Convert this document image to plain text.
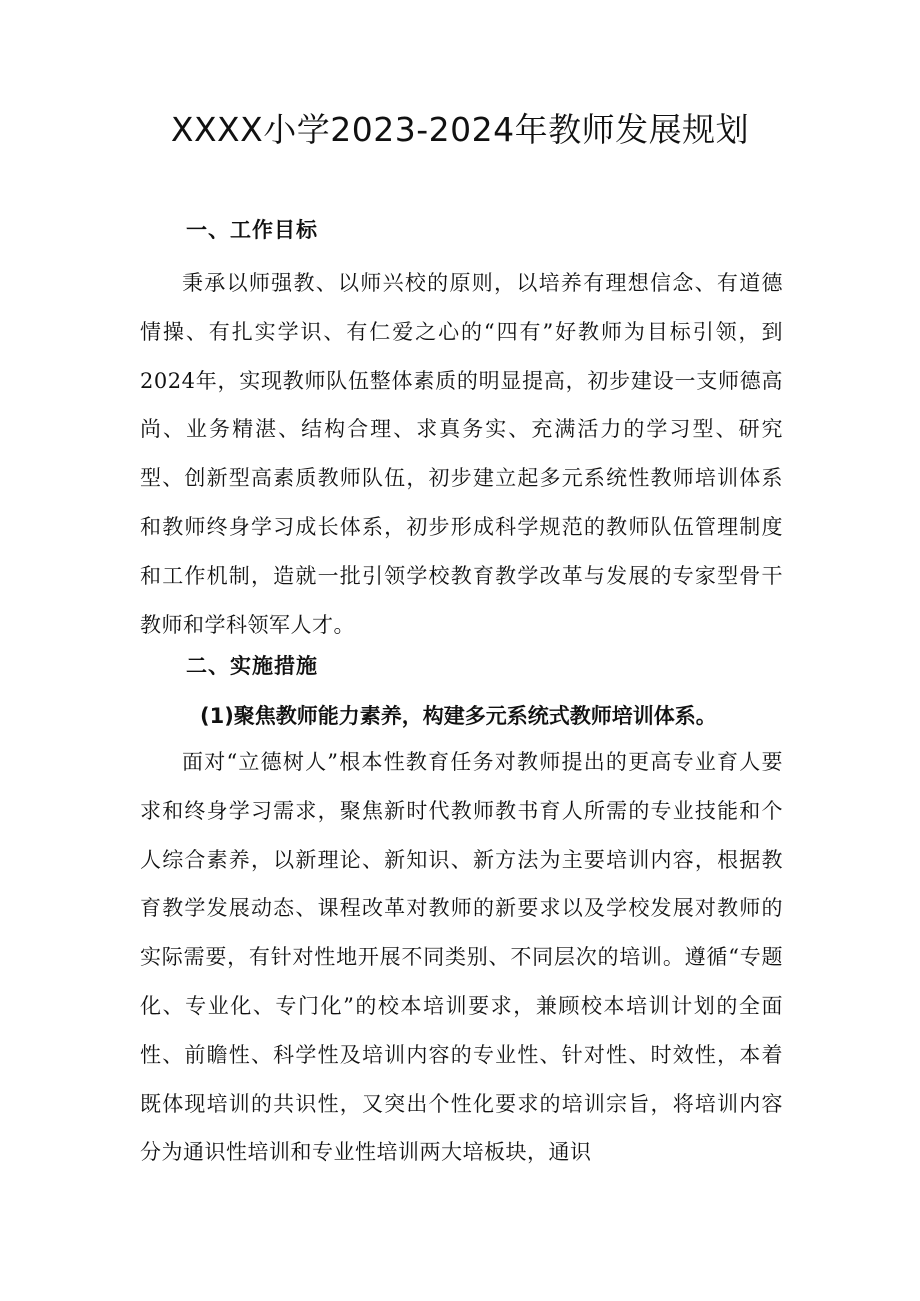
XXXX小学2023-2024年教师发展规划
一、工作目标
秉承以师强教、以师兴校的原则，以培养有理想信念、有道德情操、有扎实学识、有仁爱之心的“四有”好教师为目标引领，到2024年，实现教师队伍整体素质的明显提高，初步建设一支师德高尚、业务精湛、结构合理、求真务实、充满活力的学习型、研究型、创新型高素质教师队伍，初步建立起多元系统性教师培训体系和教师终身学习成长体系，初步形成科学规范的教师队伍管理制度和工作机制，造就一批引领学校教育教学改革与发展的专家型骨干教师和学科领军人才。
二、实施措施
(1)聚焦教师能力素养，构建多元系统式教师培训体系。
面对“立德树人”根本性教育任务对教师提出的更高专业育人要求和终身学习需求，聚焦新时代教师教书育人所需的专业技能和个人综合素养，以新理论、新知识、新方法为主要培训内容，根据教育教学发展动态、课程改革对教师的新要求以及学校发展对教师的实际需要，有针对性地开展不同类别、不同层次的培训。遵循“专题化、专业化、专门化”的校本培训要求，兼顾校本培训计划的全面性、前瞻性、科学性及培训内容的专业性、针对性、时效性，本着既体现培训的共识性，又突出个性化要求的培训宗旨，将培训内容分为通识性培训和专业性培训两大培板块，通识
